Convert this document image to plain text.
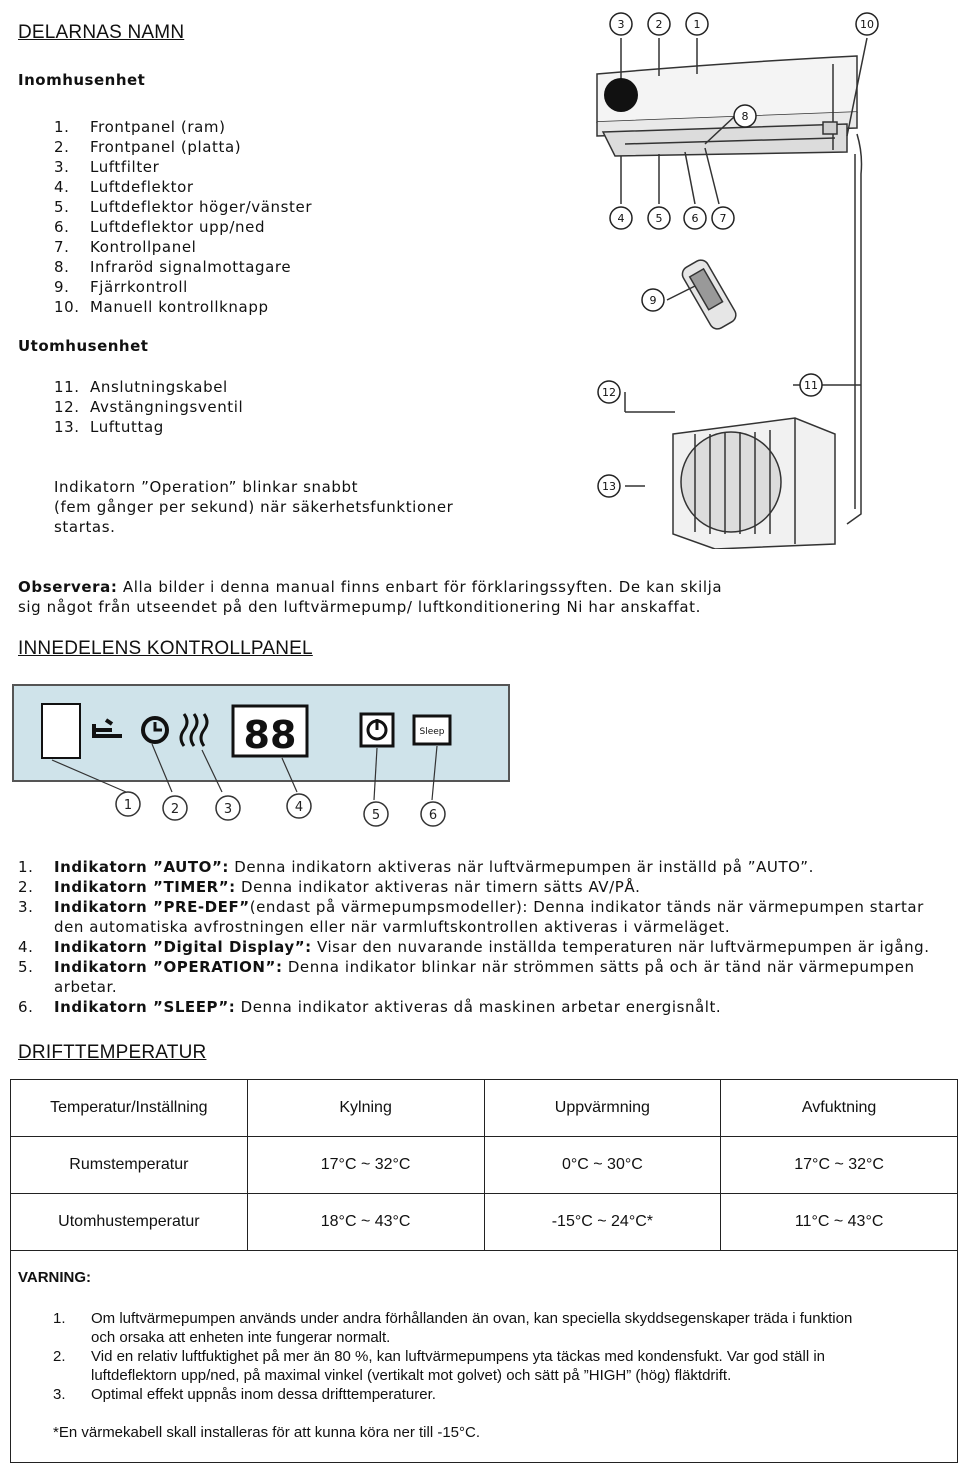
DELARNAS NAMN
Inomhusenhet
1. Frontpanel (ram)
2. Frontpanel (platta)
3. Luftfilter
4. Luftdeflektor
5. Luftdeflektor höger/vänster
6. Luftdeflektor upp/ned
7. Kontrollpanel
8. Infraröd signalmottagare
9. Fjärrkontroll
10. Manuell kontrollknapp
Utomhusenhet
11. Anslutningskabel
12. Avstängningsventil
13. Luftuttag
Indikatorn ”Operation” blinkar snabbt
(fem gånger per sekund) när säkerhetsfunktioner
startas.
Observera: Alla bilder i denna manual finns enbart för förklaringssyften. De kan skilja
sig något från utseendet på den luftvärmepump/ luftkonditionering Ni har anskaffat.
3	2	1	10
8
4	5	6 7
9
12
11
13
INNEDELENS KONTROLLPANEL
88	Sleep
1	2	3	4
5	6
1.	Indikatorn ”AUTO”: Denna indikatorn aktiveras när luftvärmepumpen är inställd på ”AUTO”.
2.	Indikatorn ”TIMER”: Denna indikator aktiveras när timern sätts AV/PÅ.
3.	Indikatorn ”PRE-DEF”(endast på värmepumpsmodeller): Denna indikator tänds när värmepumpen startar
den automatiska avfrostningen eller när varmluftskontrollen aktiveras i värmeläget.
4.	Indikatorn ”Digital Display”: Visar den nuvarande inställda temperaturen när luftvärmepumpen är igång.
5.	Indikatorn ”OPERATION”: Denna indikator blinkar när strömmen sätts på och är tänd när värmepumpen
arbetar.
6.	Indikatorn ”SLEEP”: Denna indikator aktiveras då maskinen arbetar energisnålt.
DRIFTTEMPERATUR
Temperatur/Inställning	Kylning	Uppvärmning	Avfuktning
Rumstemperatur	17°C ~ 32°C	0°C ~ 30°C	17°C ~ 32°C
Utomhustemperatur	18°C ~ 43°C	-15°C ~ 24°C*	11°C ~ 43°C
VARNING:
1.	Om luftvärmepumpen används under andra förhållanden än ovan, kan speciella skyddsegenskaper träda i funktion
och orsaka att enheten inte fungerar normalt.
2.	Vid en relativ luftfuktighet på mer än 80 %, kan luftvärmepumpens yta täckas med kondensfukt. Var god ställ in
luftdeflektorn upp/ned, på maximal vinkel (vertikalt mot golvet) och sätt på ”HIGH” (hög) fläktdrift.
3.	Optimal effekt uppnås inom dessa drifttemperaturer.
*En värmekabell skall installeras för att kunna köra ner till -15°C.
